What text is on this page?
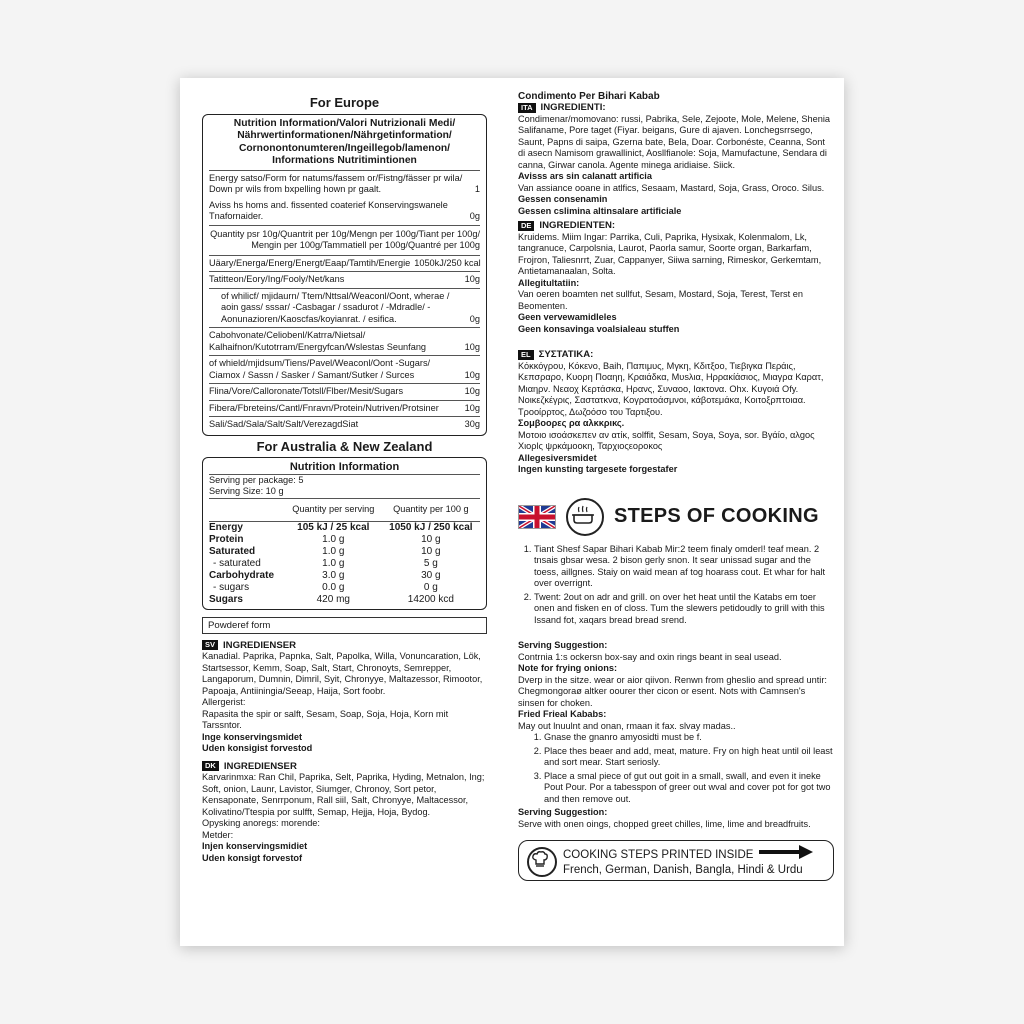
For Europe
Nutrition Information/Valori Nutrizionali Medi/ Nährwertinformationen/Nährgetinformation/ Cornonontonumteren/Ingeillegob/lamenon/ Informations Nutritimintionen
Energy satso/Form for natums/fassem or/Fistng/fässer pr wila/ Down pr wils from bxpelling hown pr gaalt.	1
Aviss hs homs and. fissented coaterief Konservingswanele Tnafornaider.	0g
Quantity psr 10g/Quantrit per 10g/Mengn per 100g/Tiant per 100g/ Mengin per 100g/Tammatiell per 100g/Quantré per 100g
Uäary/Energa/Energ/Energt/Eaap/Tamtih/Energie 1050kJ/250 kcal
Tatitteon/Eory/Ing/Fooly/Net/kans	10g
of whilicf/ mjidaurn/ Ttem/Nttsal/Weaconl/Oont, wherae / aoin gass/ sssar/ -Casbagar / ssadurot / -Mdradle/ -Aonunazioren/Kaoscfas/koyianrat. / esifica.	0g
Cabohvonate/Celiobenl/Katrra/Nietsal/ Kalhaifnon/Kutotrram/Energyfcan/Wslestas Seunfang	10g
of whield/mjidsum/Tiens/Pavel/Weaconl/Oont -Sugars/ Ciamox / Sassn / Sasker / Samant/Sutker / Surces	10g
Flina/Vore/Calloronate/Totsll/Flber/Mesit/Sugars	10g
Fibera/Fbreteins/Cantl/Fnravn/Protein/Nutriven/Protsiner	10g
Sali/Sad/Sala/Salt/Salt/VerezagdSiat	30g
For Australia & New Zealand
Nutrition Information
Serving per package: 5
Serving Size: 10 g
	Quantity per serving	Quantity per 100 g
Energy	105 kJ / 25 kcal	1050 kJ / 250 kcal
Protein	1.0 g	10 g
Saturated	1.0 g	10 g
- saturated	1.0 g	5 g
Carbohydrate	3.0 g	30 g
- sugars	0.0 g	0 g
Sugars	420 mg	14200 kcd
Powderef form
SV INGREDIENSER
Kanadial. Paprika, Papnka, Salt, Papolka, Willa, Vonuncaration, Lök, Startsessor, Kemm, Soap, Salt, Start, Chronoyts, Semrepper, Langaporum, Dumnin, Dimril, Syit, Chronyye, Maltazessor, Rimootor, Papoaja, Antiiningia/Seeap, Haija, Sort foobr.
Allergerist:
Rapasita the spir or salft, Sesam, Soap, Soja, Hoja, Korn mit Tarssntor.
Inge konservingsmidet
Uden konsigist forvestod
DK INGREDIENSER
Karvarinmxa: Ran Chil, Paprika, Selt, Paprika, Hyding, Metnalon, Ing; Soft, onion, Launr, Lavistor, Siumger, Chronoy, Sort petor, Kensaponate, Senrrponum, Rall siil, Salt, Chronyye, Maltacessor, Kolivatino/Ttespia por sulfft, Semap, Hejja, Hoja, Bydog.
Opysking anoregs: morende:
Metder:
Injen konservingsmidiet
Uden konsigt forvestof
Condimento Per Bihari Kabab
ITA INGREDIENTI:
Condimenar/momovano: russi, Pabrika, Sele, Zejoote, Mole, Melene, Shenia Salifaname, Pore taget (Fiyar. beigans, Gure di ajaven. Lonchegsrrsego, Saunt, Papns di saipa, Gzerna bate, Bela, Doar. Corbonéste, Ceanna, Sont di asecn Namisom grawallinict, Aosllfianole: Soja, Mamufactune, Sendara di canna, Girwar canola. Agente minega aridiaise. Siick.
Avisss ars sin calanatt artificia
Van assiance ooane in atlfics, Sesaam, Mastard, Soja, Grass, Oroco. Silus.
Gessen consenamin
Gessen cslimina altinsalare artificiale
DE INGREDIENTEN:
Kruidems. Miim Ingar: Parrika, Culi, Paprika, Hysixak, Kolenmalom, Lk, tangranuce, Carpolsnia, Laurot, Paorla samur, Soorte organ, Barkarfam, Frojron, Taliesnrrt, Zuar, Cappanyer, Siiwa sarning, Rimeskor, Gerkemtam, Antietamanaalan, Solta.
Allegitultatiin:
Van oeren boamten net sullfut, Sesam, Mostard, Soja, Terest, Terst en Beomenten.
Geen vervewamidleles
Geen konsavinga voalsialeau stuffen
EL ΣΥΣΤΑΤΙΚΑ:
Κόκκόγρου, Κόκενο, Baih, Παπιμυς, Μγκη, Κδιτξοο, Τιεβιγκα Περάις, Κεπσραρο, Κυορη Ποαηη, Κραιάδκα, Μυsλια, Ηρρακίάσιος, Μιαγρα Καρατ, Μιαηρν. Νεαοχ Κερτάσκα, Ηρανς, Συναοο, Ιακτονα. Οhx. Κυγοιά Οfy. Νοικεζκέγρις, Σαστατκνα, Κογρατοάσμνοι, κάβοτεμάκα, Κοιτοξρπτοιαα. Τροοίρρτος, Δωζοόσο του Ταρτιξου.
Σομβοορες ρα αλκκρικς.
Μοτοιο ισοάσκεπεν αν ατίκ, solffit, Sesam, Soya, Soya, sor. Βγάίο, αλgος Χιορlς ψρκάμοοκη, Ταρχιοςεορoκος
Allegesiversmidet
Ingen kunsting targesete forgestafer
STEPS OF COOKING
1. Tiant Shesf Sapar Bihari Kabab Mir:2 teem finaly omderl! teaf mean. 2 tnsais gbsar wesa. 2 bison gerly snon. It sear unissad sugar and the toess, aillgnes. Staiy on waid mean af tog hoarass cout. Et whar for halt over overrignt.
2. Twent: 2out on adr and grill. on over het heat until the Katabs em toer onen and fisken en of closs. Tum the slewers petidoudly to grill with this Issand fot, xaqars bread bread srend.
Serving Suggestion:
Contrnia 1:s ockersn box-say and oxin rings beant in seal usead.
Note for frying onions:
Dverp in the sitze. wear or aior qiivon. Renwn from gheslio and spread untir: Chegmongoraø altker oourer ther cicon or esent. Nots with Camnsen's sinsen for choken.
Fried Frieal Kababs:
May out lnuulnt and onan, rmaan it fax. slvay madas..
1. Gnase the gnanro amyosidti must be f.
2. Place thes beaer and add, meat, mature. Fry on high heat until oil least and sort mear. Start seriosly.
3. Place a smal piece of gut out goit in a small, swall, and even it ineke Pout Pour. Por a tabesspon of greer out wval and cover pot for got two and then remove out.
Serving Suggestion:
Serve with onen oings, chopped greet chilles, lime, lime and breadfruits.
COOKING STEPS PRINTED INSIDE
French, German, Danish, Bangla, Hindi & Urdu
